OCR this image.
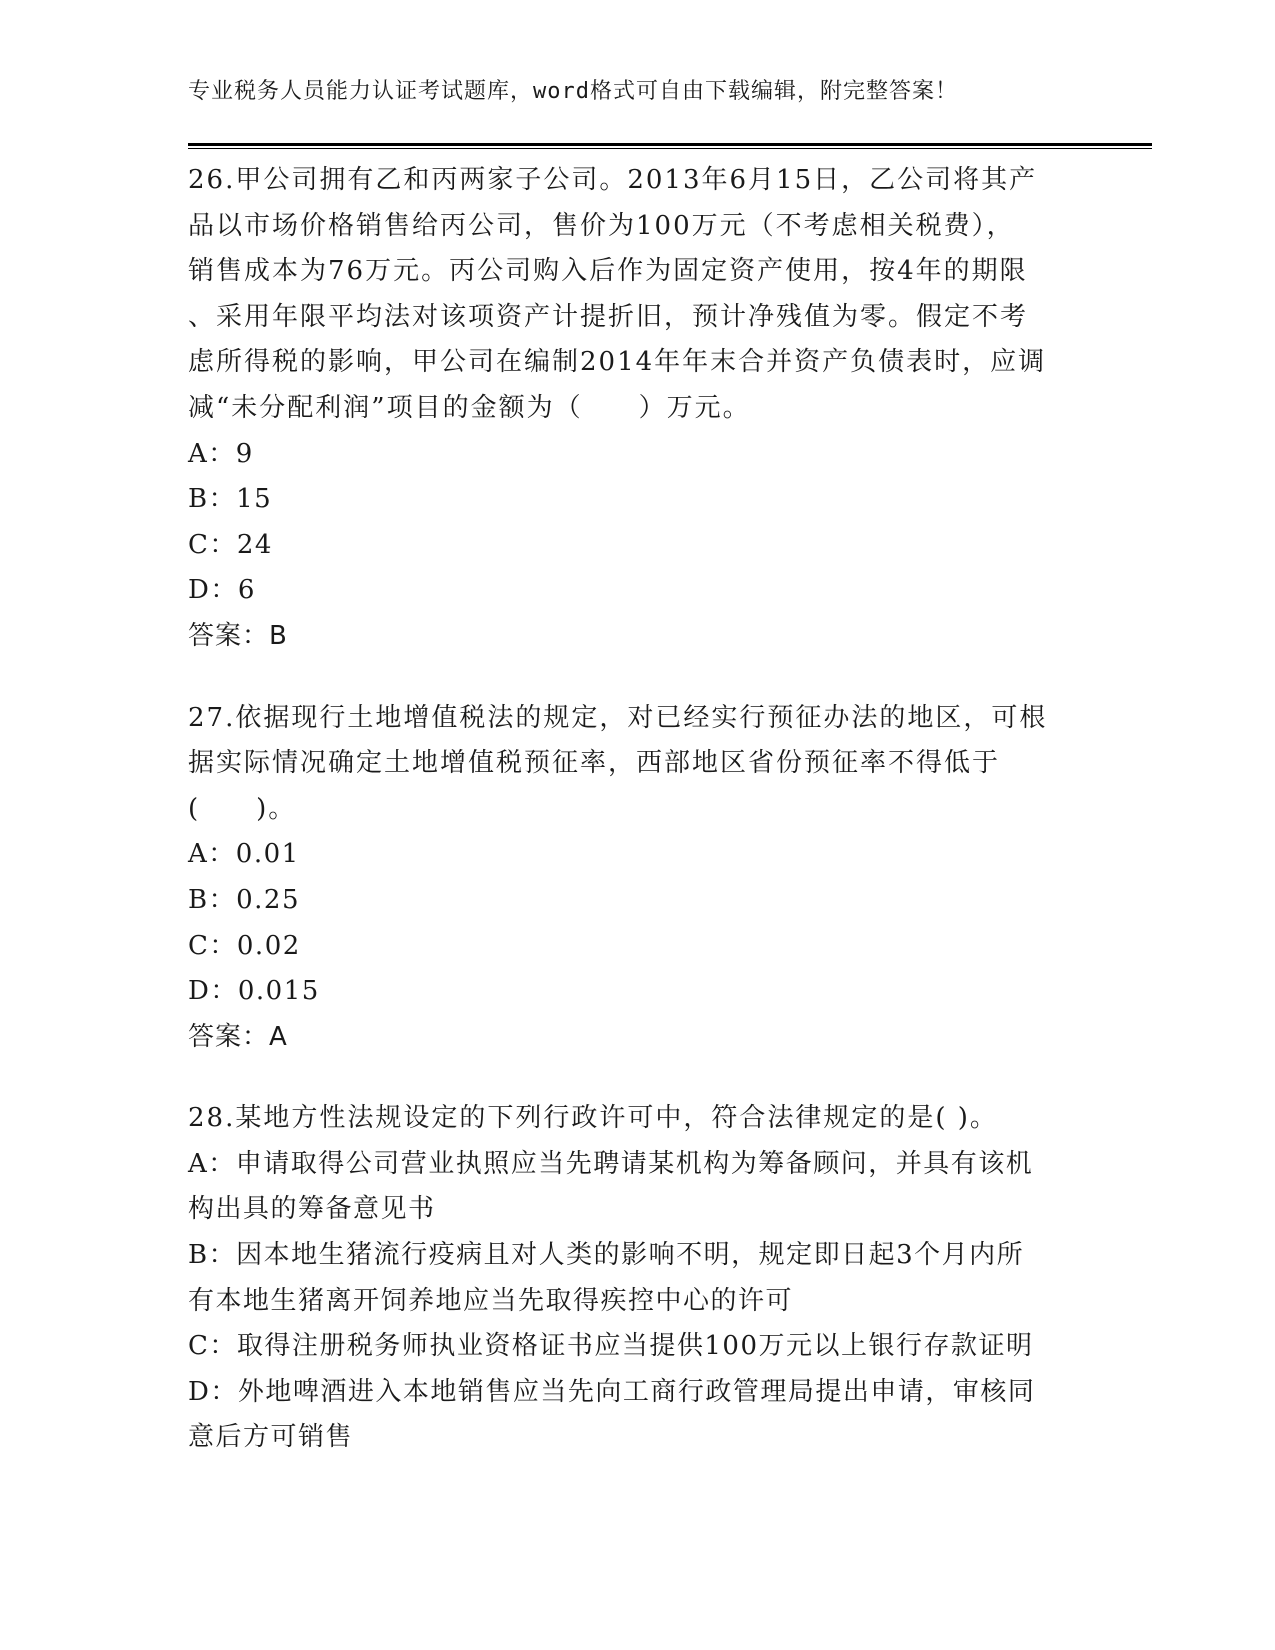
专业税务人员能力认证考试题库，word格式可自由下载编辑，附完整答案！
26.甲公司拥有乙和丙两家子公司。2013年6月15日，乙公司将其产
品以市场价格销售给丙公司，售价为100万元（不考虑相关税费），
销售成本为76万元。丙公司购入后作为固定资产使用，按4年的期限
、采用年限平均法对该项资产计提折旧，预计净残值为零。假定不考
虑所得税的影响，甲公司在编制2014年年末合并资产负债表时，应调
减“未分配利润”项目的金额为（　　）万元。
A：9
B：15
C：24
D：6
答案：B
27.依据现行土地增值税法的规定，对已经实行预征办法的地区，可根
据实际情况确定土地增值税预征率，西部地区省份预征率不得低于
(　　)。
A：0.01
B：0.25
C：0.02
D：0.015
答案：A
28.某地方性法规设定的下列行政许可中，符合法律规定的是( )。
A：申请取得公司营业执照应当先聘请某机构为筹备顾问，并具有该机
构出具的筹备意见书
B：因本地生猪流行疫病且对人类的影响不明，规定即日起3个月内所
有本地生猪离开饲养地应当先取得疾控中心的许可
C：取得注册税务师执业资格证书应当提供100万元以上银行存款证明
D：外地啤酒进入本地销售应当先向工商行政管理局提出申请，审核同
意后方可销售
